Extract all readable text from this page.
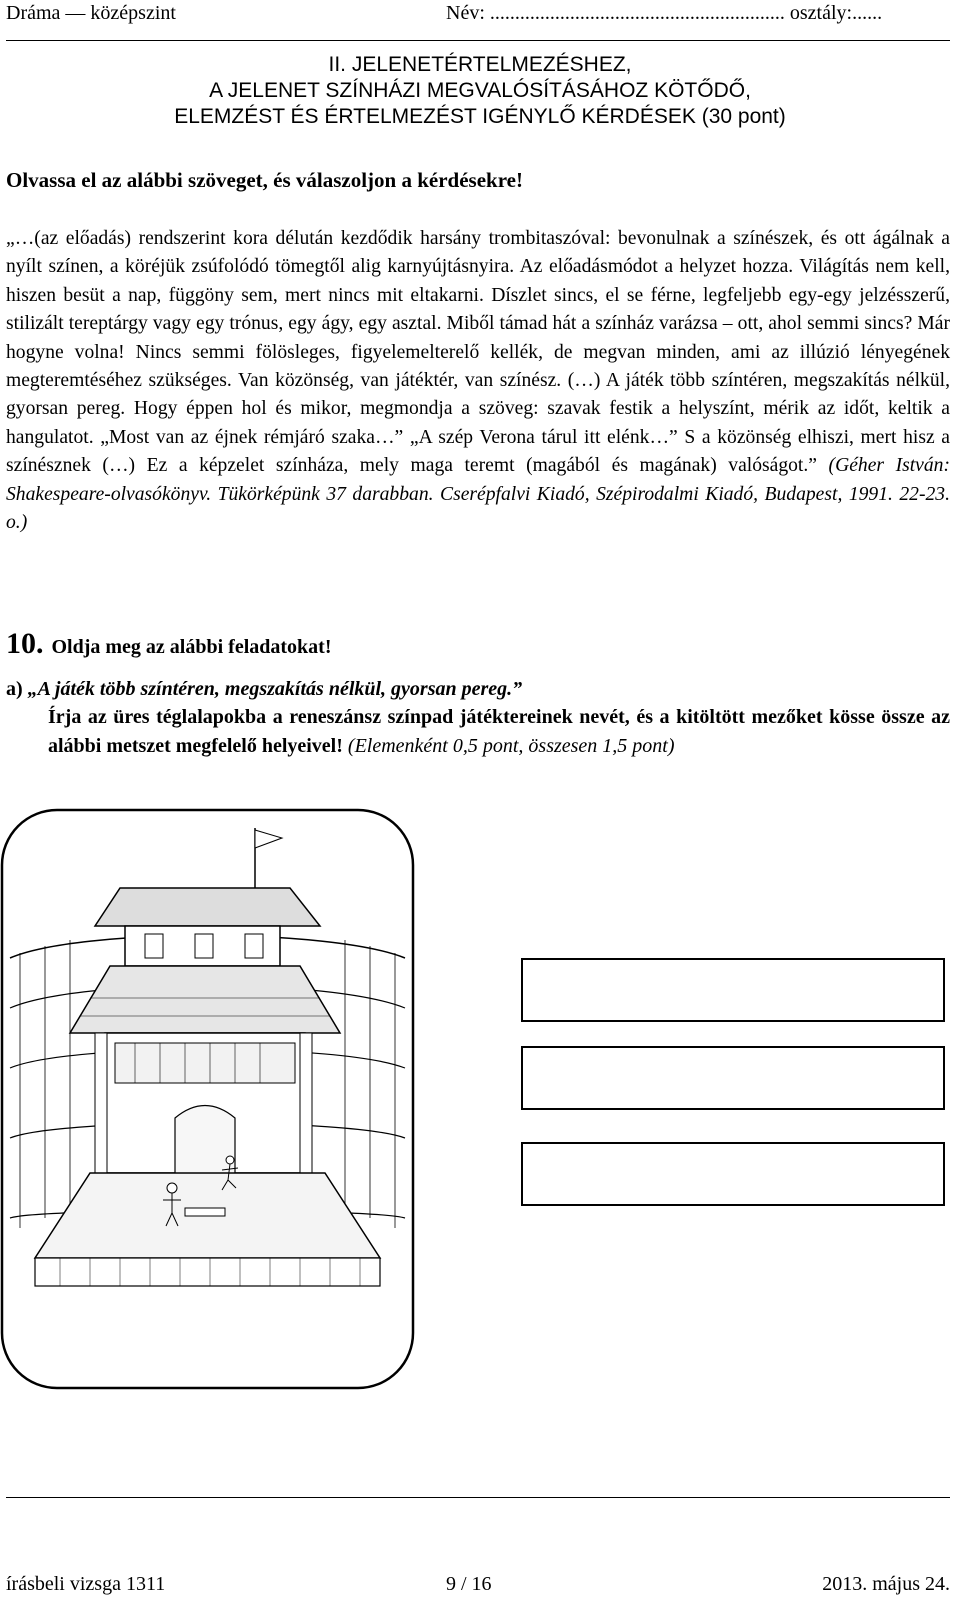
Dráma — középszint	Név: ........................................................... osztály:......
II. JELENETÉRTELMEZÉSHEZ,
A JELENET SZÍNHÁZI MEGVALÓSÍTÁSÁHOZ KÖTŐDŐ,
ELEMZÉST ÉS ÉRTELMEZÉST IGÉNYLŐ KÉRDÉSEK (30 pont)
Olvassa el az alábbi szöveget, és válaszoljon a kérdésekre!
„…(az előadás) rendszerint kora délután kezdődik harsány trombitaszóval: bevonulnak a színészek, és ott ágálnak a nyílt színen, a köréjük zsúfolódó tömegtől alig karnyújtásnyira. Az előadásmódot a helyzet hozza. Világítás nem kell, hiszen besüt a nap, függöny sem, mert nincs mit eltakarni. Díszlet sincs, el se férne, legfeljebb egy-egy jelzésszerű, stilizált tereptárgy vagy egy trónus, egy ágy, egy asztal. Miből támad hát a színház varázsa – ott, ahol semmi sincs? Már hogyne volna! Nincs semmi fölösleges, figyelemelterelő kellék, de megvan minden, ami az illúzió lényegének megteremtéséhez szükséges. Van közönség, van játéktér, van színész. (…) A játék több színtéren, megszakítás nélkül, gyorsan pereg. Hogy éppen hol és mikor, megmondja a szöveg: szavak festik a helyszínt, mérik az időt, keltik a hangulatot. „Most van az éjnek rémjáró szaka…” „A szép Verona tárul itt elénk…” S a közönség elhiszi, mert hisz a színésznek (…) Ez a képzelet színháza, mely maga teremt (magából és magának) valóságot.” (Géher István: Shakespeare-olvasókönyv. Tükörképünk 37 darabban. Cserépfalvi Kiadó, Szépirodalmi Kiadó, Budapest, 1991. 22-23. o.)
10. Oldja meg az alábbi feladatokat!
a) „A játék több színtéren, megszakítás nélkül, gyorsan pereg.”
Írja az üres téglalapokba a reneszánsz színpad játéktereinek nevét, és a kitöltött mezőket kösse össze az alábbi metszet megfelelő helyeivel! (Elemenként 0,5 pont, összesen 1,5 pont)
írásbeli vizsga 1311	9 / 16	2013. május 24.
